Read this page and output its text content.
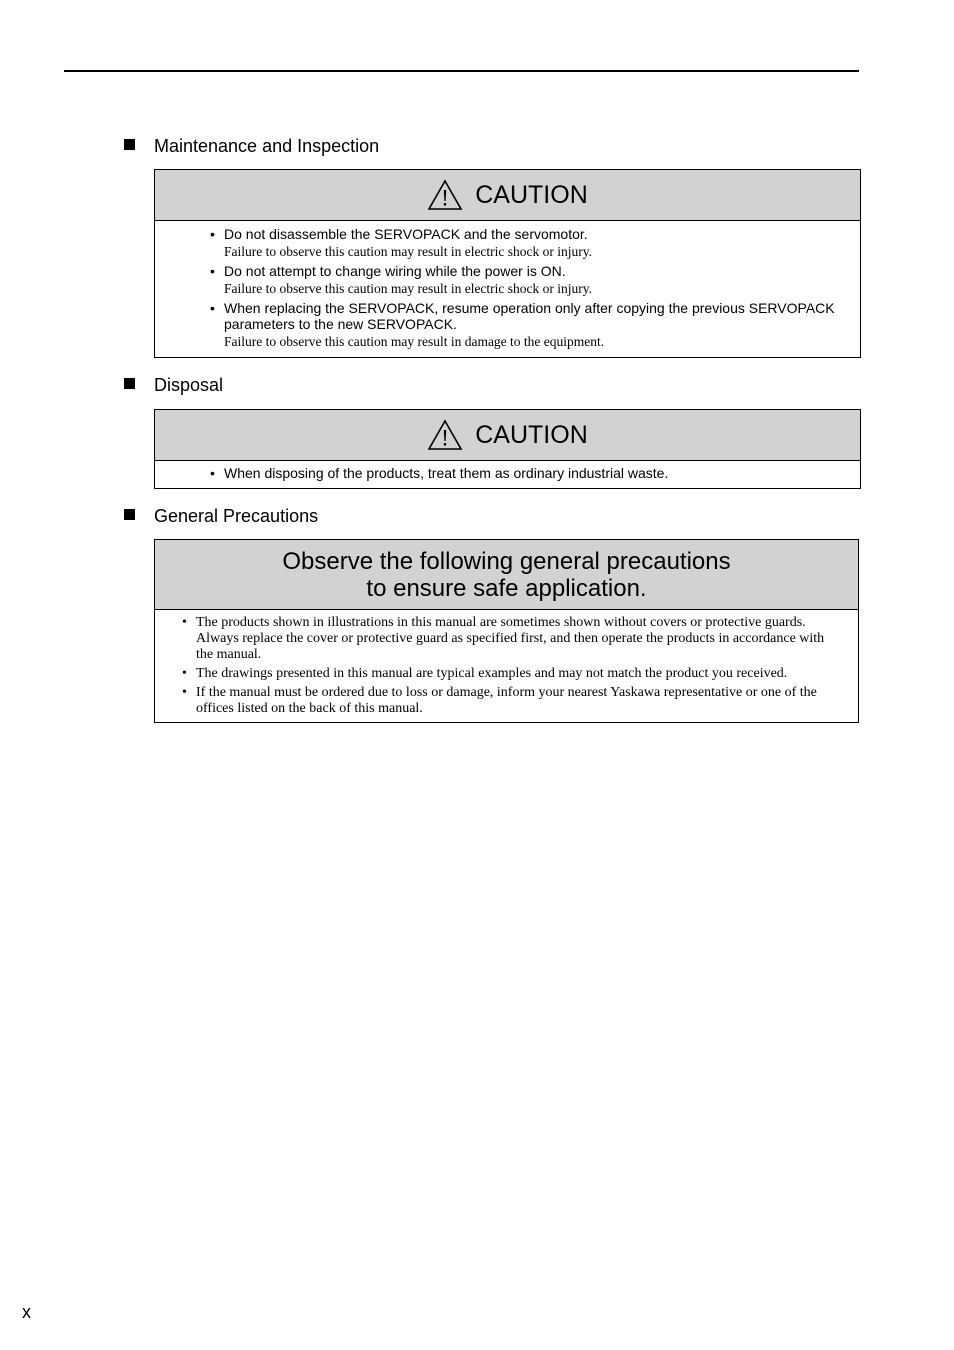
Maintenance and Inspection
CAUTION
• Do not disassemble the SERVOPACK and the servomotor.
Failure to observe this caution may result in electric shock or injury.
• Do not attempt to change wiring while the power is ON.
Failure to observe this caution may result in electric shock or injury.
• When replacing the SERVOPACK, resume operation only after copying the previous SERVOPACK parameters to the new SERVOPACK.
Failure to observe this caution may result in damage to the equipment.
Disposal
CAUTION
• When disposing of the products, treat them as ordinary industrial waste.
General Precautions
Observe the following general precautions
to ensure safe application.
• The products shown in illustrations in this manual are sometimes shown without covers or protective guards. Always replace the cover or protective guard as specified first, and then operate the products in accordance with the manual.
• The drawings presented in this manual are typical examples and may not match the product you received.
• If the manual must be ordered due to loss or damage, inform your nearest Yaskawa representative or one of the offices listed on the back of this manual.
x
